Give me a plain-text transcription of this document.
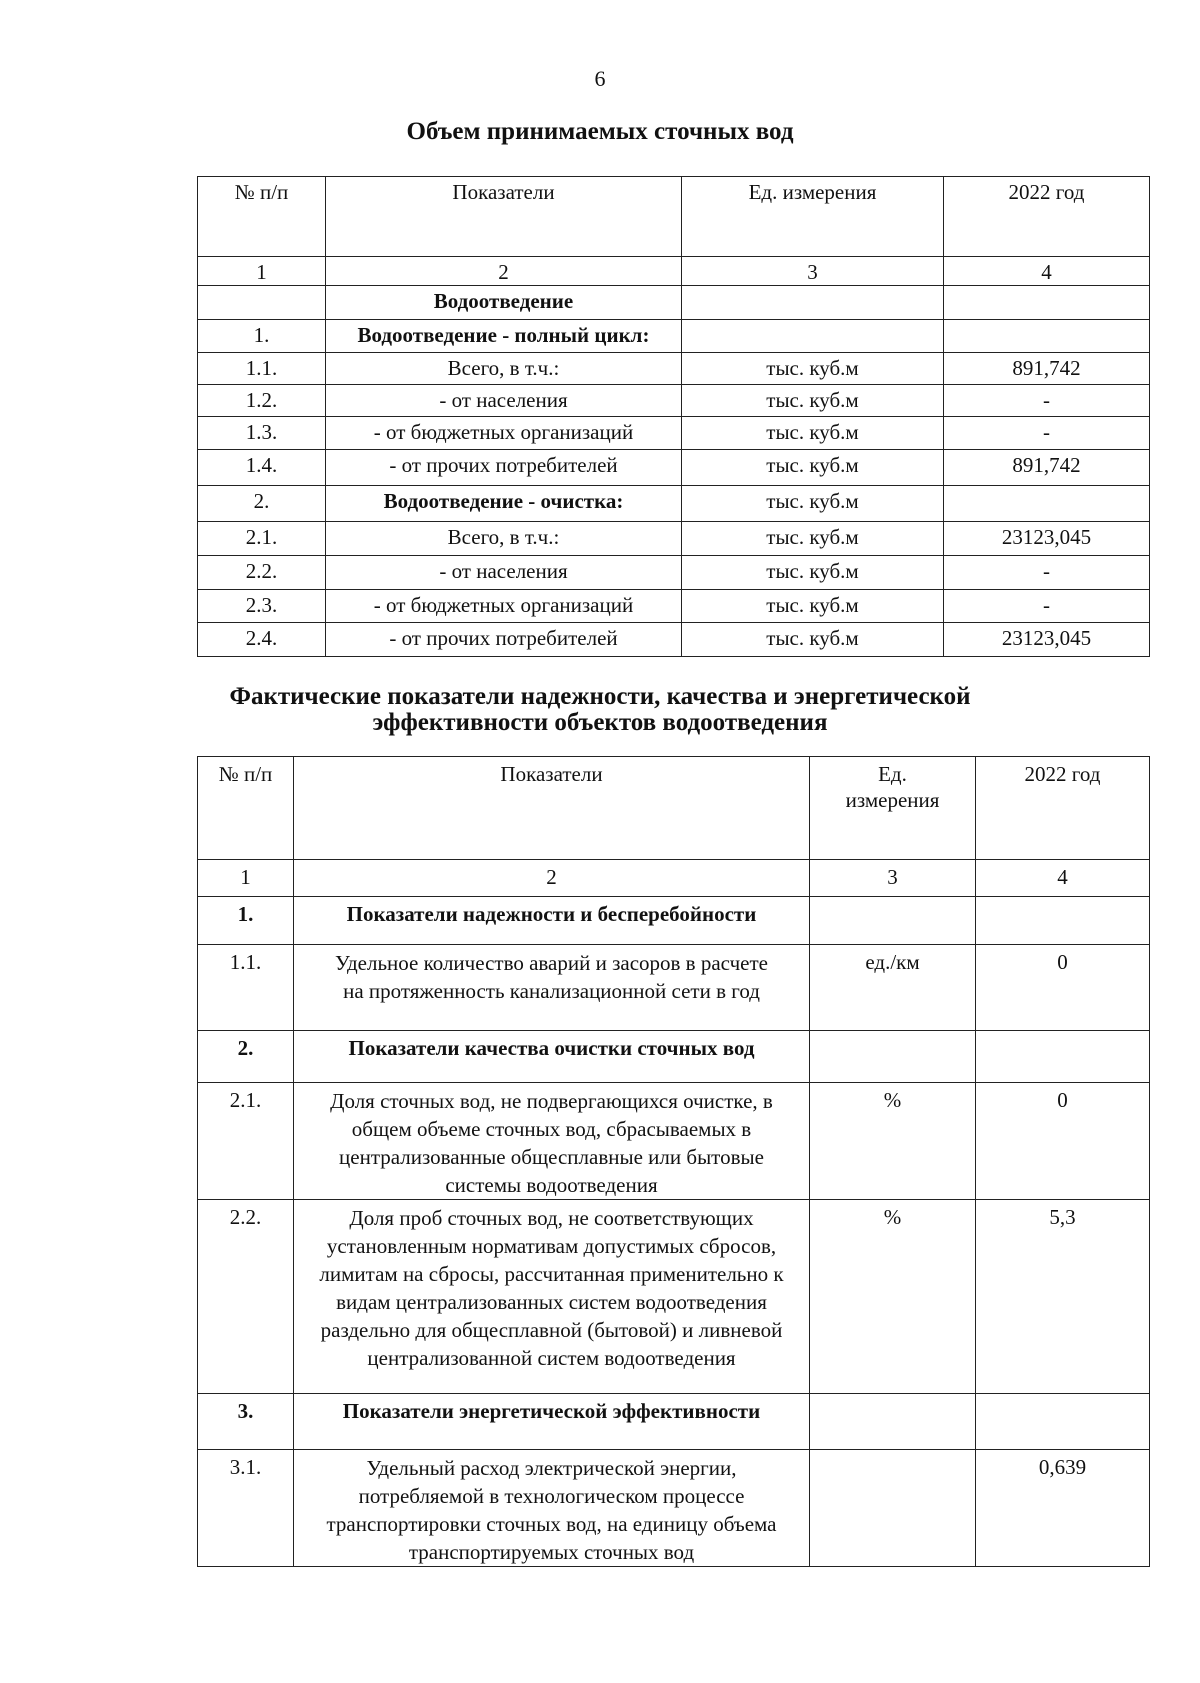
6
Объем принимаемых сточных вод
№ п/п	Показатели	Ед. измерения	2022 год
1	2	3	4
	Водоотведение		
1.	Водоотведение - полный цикл:		
1.1.	Всего, в т.ч.:	тыс. куб.м	891,742
1.2.	- от населения	тыс. куб.м	-
1.3.	- от бюджетных организаций	тыс. куб.м	-
1.4.	- от прочих потребителей	тыс. куб.м	891,742
2.	Водоотведение - очистка:	тыс. куб.м	
2.1.	Всего, в т.ч.:	тыс. куб.м	23123,045
2.2.	- от населения	тыс. куб.м	-
2.3.	- от бюджетных организаций	тыс. куб.м	-
2.4.	- от прочих потребителей	тыс. куб.м	23123,045
Фактические показатели надежности, качества и энергетической
эффективности объектов водоотведения
№ п/п	Показатели	Ед. измерения	2022 год
1	2	3	4
1.	Показатели надежности и бесперебойности		
1.1.	Удельное количество аварий и засоров в расчете на протяженность канализационной сети в год	ед./км	0
2.	Показатели качества очистки сточных вод		
2.1.	Доля сточных вод, не подвергающихся очистке, в общем объеме сточных вод, сбрасываемых в централизованные общесплавные или бытовые системы водоотведения	%	0
2.2.	Доля проб сточных вод, не соответствующих установленным нормативам допустимых сбросов, лимитам на сбросы, рассчитанная применительно к видам централизованных систем водоотведения раздельно для общесплавной (бытовой) и ливневой централизованной систем водоотведения	%	5,3
3.	Показатели энергетической эффективности		
3.1.	Удельный расход электрической энергии, потребляемой в технологическом процессе транспортировки сточных вод, на единицу объема транспортируемых сточных вод		0,639
